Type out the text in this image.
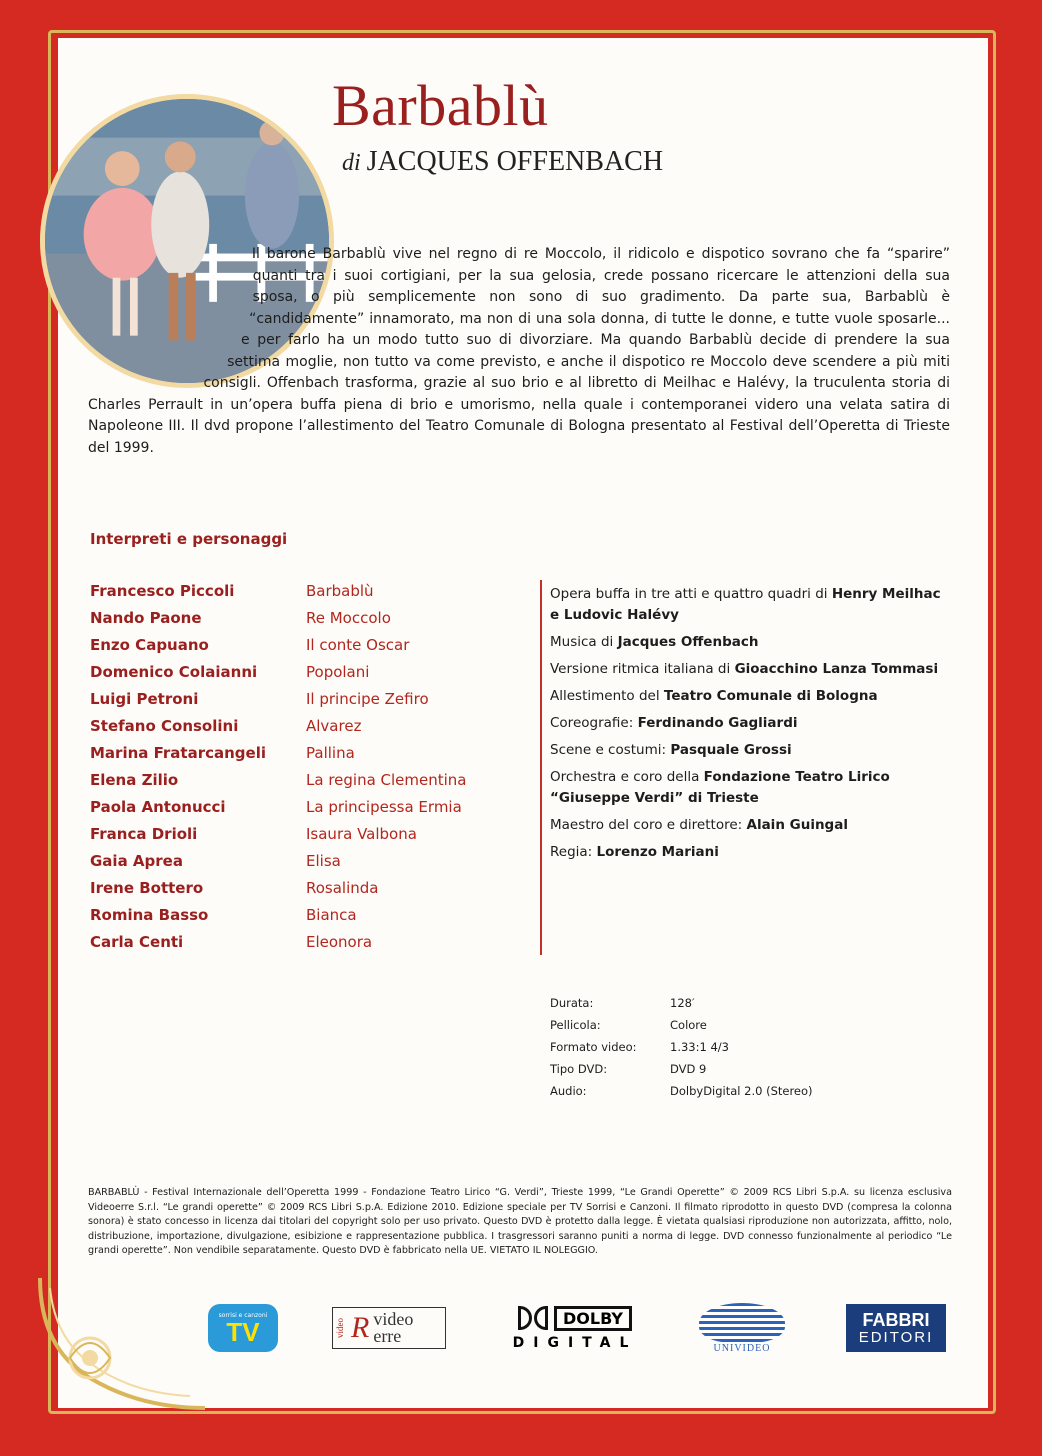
Barbablù
di JACQUES OFFENBACH
Il barone Barbablù vive nel regno di re Moccolo, il ridicolo e dispotico sovrano che fa “sparire” quanti tra i suoi cortigiani, per la sua gelosia, crede possano ricercare le attenzioni della sua sposa, o più semplicemente non sono di suo gradimento. Da parte sua, Barbablù è “candidamente” innamorato, ma non di una sola donna, di tutte le donne, e tutte vuole sposarle... e per farlo ha un modo tutto suo di divorziare. Ma quando Barbablù decide di prendere la sua settima moglie, non tutto va come previsto, e anche il dispotico re Moccolo deve scendere a più miti consigli. Offenbach trasforma, grazie al suo brio e al libretto di Meilhac e Halévy, la truculenta storia di Charles Perrault in un’opera buffa piena di brio e umorismo, nella quale i contemporanei videro una velata satira di Napoleone III. Il dvd propone l’allestimento del Teatro Comunale di Bologna presentato al Festival dell’Operetta di Trieste del 1999.
Interpreti e personaggi
Francesco Piccoli	Barbablù
Nando Paone	Re Moccolo
Enzo Capuano	Il conte Oscar
Domenico Colaianni	Popolani
Luigi Petroni	Il principe Zefiro
Stefano Consolini	Alvarez
Marina Fratarcangeli	Pallina
Elena Zilio	La regina Clementina
Paola Antonucci	La principessa Ermia
Franca Drioli	Isaura Valbona
Gaia Aprea	Elisa
Irene Bottero	Rosalinda
Romina Basso	Bianca
Carla Centi	Eleonora
Opera buffa in tre atti e quattro quadri di Henry Meilhac e Ludovic Halévy
Musica di Jacques Offenbach
Versione ritmica italiana di Gioacchino Lanza Tommasi
Allestimento del Teatro Comunale di Bologna
Coreografie: Ferdinando Gagliardi
Scene e costumi: Pasquale Grossi
Orchestra e coro della Fondazione Teatro Lirico “Giuseppe Verdi” di Trieste
Maestro del coro e direttore: Alain Guingal
Regia: Lorenzo Mariani
Durata:	128′
Pellicola:	Colore
Formato video:	1.33:1 4/3
Tipo DVD:	DVD 9
Audio:	DolbyDigital 2.0 (Stereo)
BARBABLÙ - Festival Internazionale dell’Operetta 1999 - Fondazione Teatro Lirico “G. Verdi”, Trieste 1999, “Le Grandi Operette” © 2009 RCS Libri S.p.A. su licenza esclusiva Videoerre S.r.l. “Le grandi operette” © 2009 RCS Libri S.p.A. Edizione 2010. Edizione speciale per TV Sorrisi e Canzoni. Il filmato riprodotto in questo DVD (compresa la colonna sonora) è stato concesso in licenza dai titolari del copyright solo per uso privato. Questo DVD è protetto dalla legge. È vietata qualsiasi riproduzione non autorizzata, affitto, nolo, distribuzione, importazione, divulgazione, esibizione e rappresentazione pubblica. I trasgressori saranno puniti a norma di legge. DVD connesso funzionalmente al periodico “Le grandi operette”. Non vendibile separatamente. Questo DVD è fabbricato nella UE. VIETATO IL NOLEGGIO.
sorrisi e canzoni
TV	video R video
erre
DOLBY
DIGITAL	UNIVIDEO
FABBRI
EDITORI
